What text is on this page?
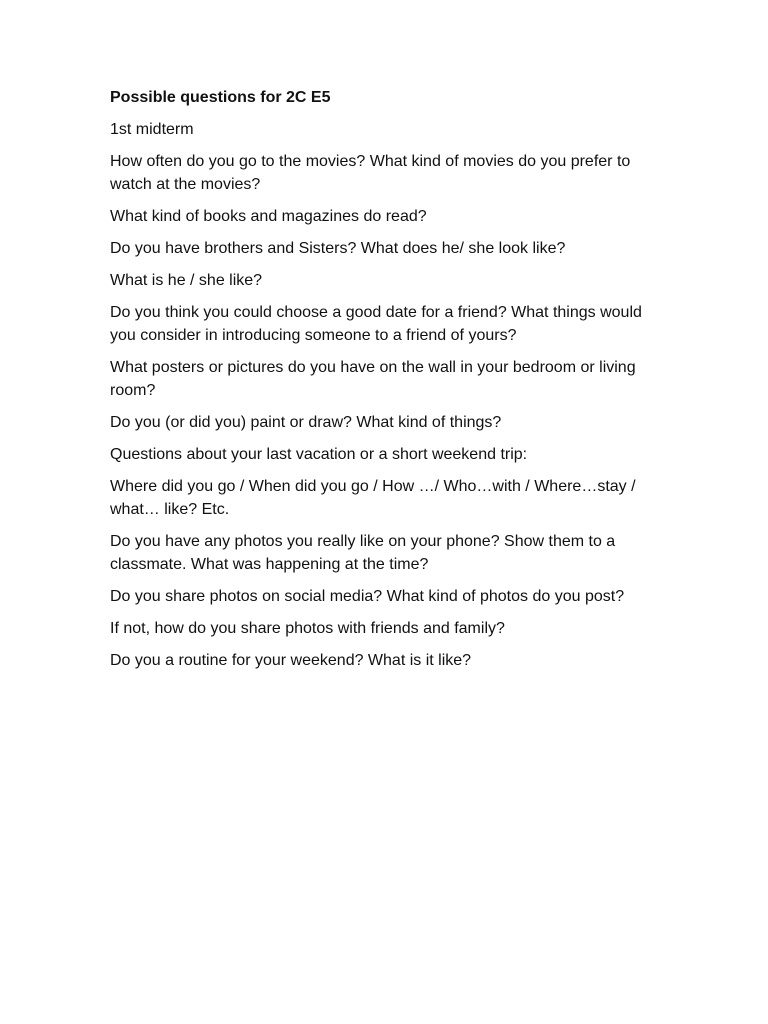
Possible questions for 2C E5

1st midterm

How often do you go to the movies? What kind of movies do you prefer to watch at the movies?

What kind of books and magazines do read?

Do you have brothers and Sisters? What does he/ she look like?

What is he / she like?

Do you think you could choose a good date for a friend? What things would you consider in introducing someone to a friend of yours?

What posters or pictures do you have on the wall in your bedroom or living room?

Do you (or did you) paint or draw? What kind of things?

Questions about your last vacation or a short weekend trip:

Where did you go / When did you go / How …/ Who…with / Where…stay / what… like? Etc.

Do you have any photos you really like on your phone? Show them to a classmate. What was happening at the time?

Do you share photos on social media? What kind of photos do you post?

If not, how do you share photos with friends and family?

Do you a routine for your weekend? What is it like?
